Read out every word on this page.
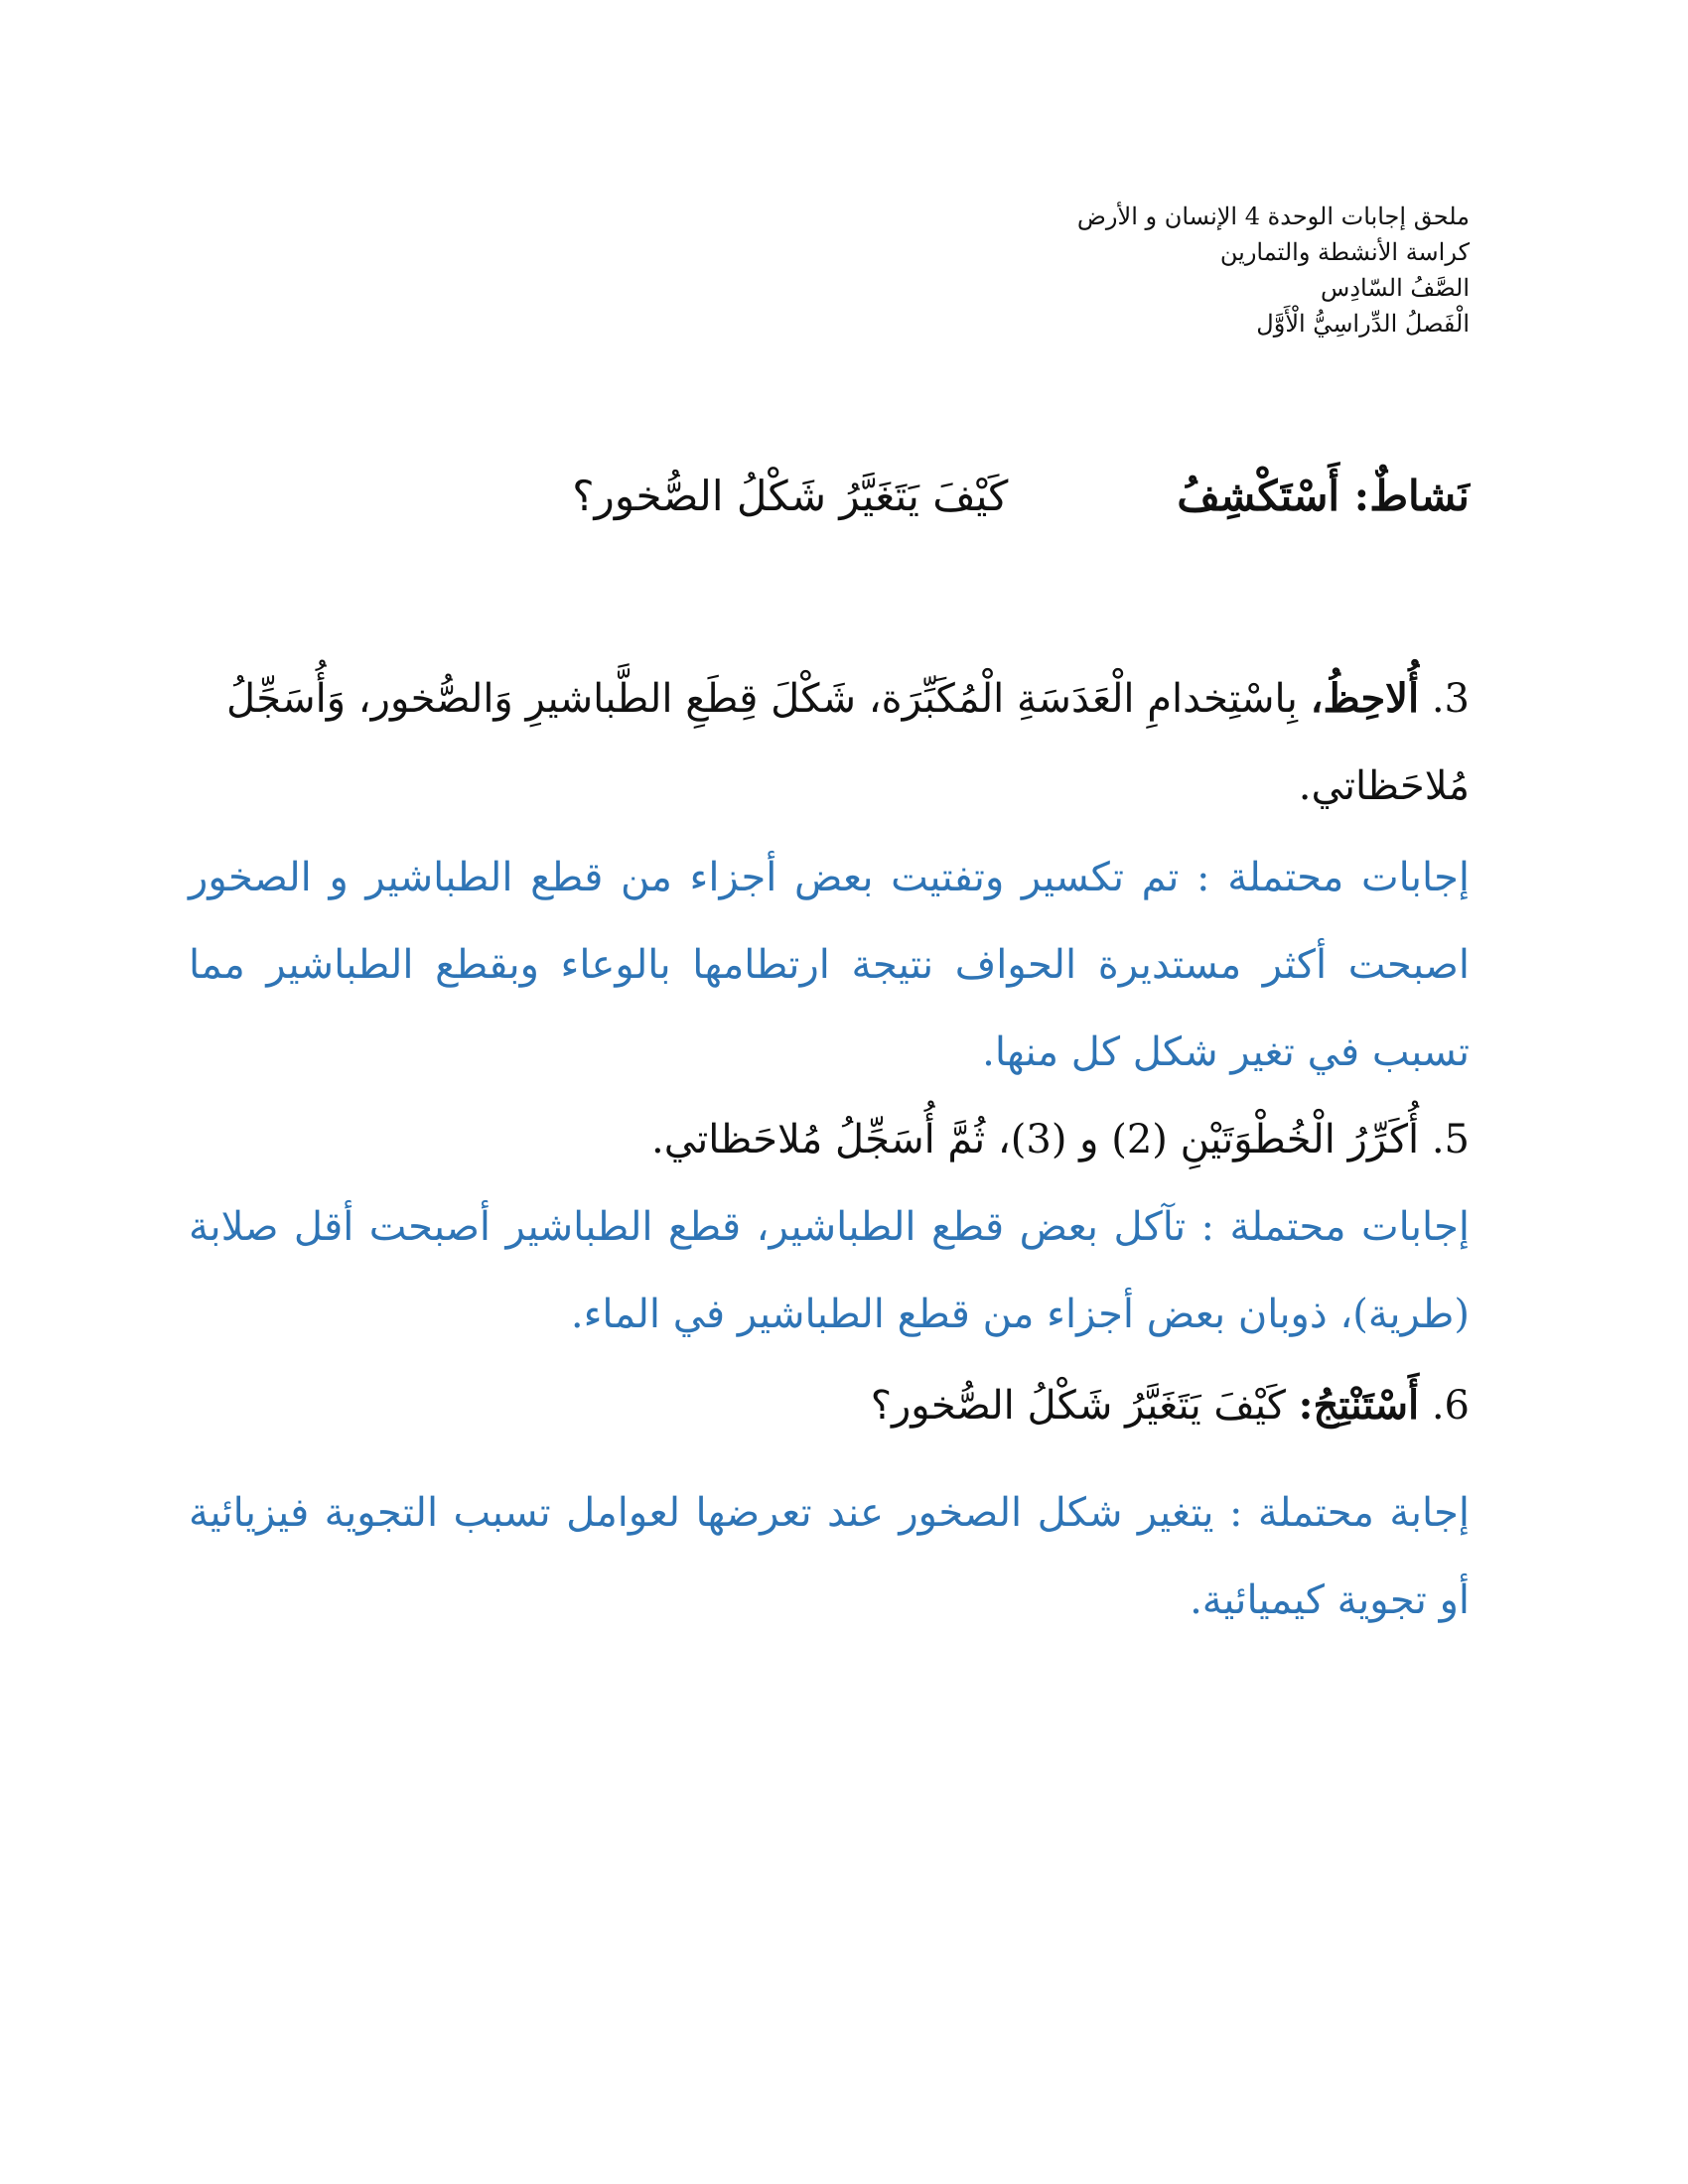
ملحق إجابات الوحدة 4 الإنسان و الأرض
كراسة الأنشطة والتمارين
الصَّفُ السّادِس
الْفَصلُ الدِّراسِيُّ الْأَوَّل
نَشاطٌ: أَسْتَكْشِفُكَيْفَ يَتَغَيَّرُ شَكْلُ الصُّخور؟
3. أُلاحِظُ، بِاسْتِخدامِ الْعَدَسَةِ الْمُكَبِّرَة، شَكْلَ قِطَعِ الطَّباشيرِ وَالصُّخور، وَأُسَجِّلُ مُلاحَظاتي.
إجابات محتملة : تم تكسير وتفتيت بعض أجزاء من قطع الطباشير و الصخور اصبحت أكثر مستديرة الحواف نتيجة ارتطامها بالوعاء وبقطع الطباشير مما تسبب في تغير شكل كل منها.
5. أُكَرِّرُ الْخُطْوَتَيْنِ (2) و (3)، ثُمَّ أُسَجِّلُ مُلاحَظاتي.
إجابات محتملة : تآكل بعض قطع الطباشير، قطع الطباشير أصبحت أقل صلابة (طرية)، ذوبان بعض أجزاء من قطع الطباشير في الماء.
6. أَسْتَنْتِجُ: كَيْفَ يَتَغَيَّرُ شَكْلُ الصُّخور؟
إجابة محتملة : يتغير شكل الصخور عند تعرضها لعوامل تسبب التجوية فيزيائية أو تجوية كيميائية.
